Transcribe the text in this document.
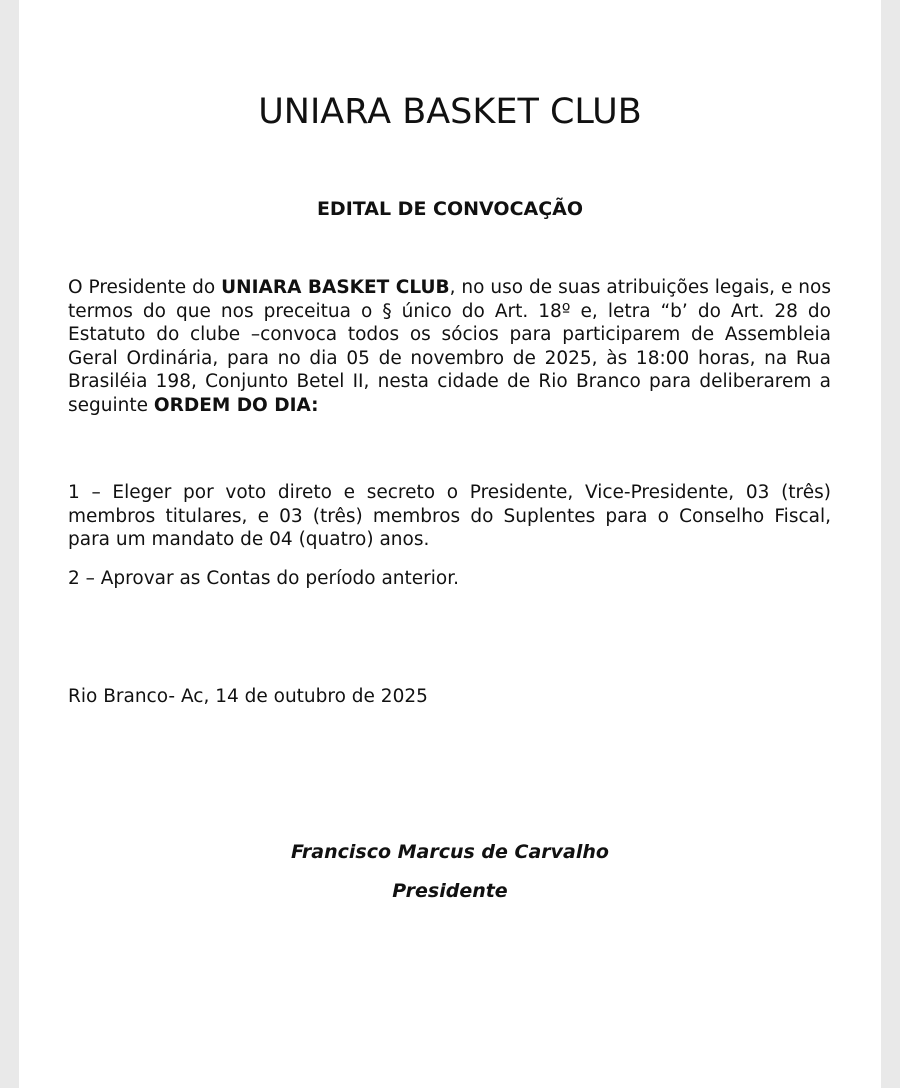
UNIARA BASKET CLUB
EDITAL DE CONVOCAÇÃO

O Presidente do UNIARA BASKET CLUB, no uso de suas atribuições legais, e nos termos do que nos preceitua o § único do Art. 18º e, letra “b’ do Art. 28 do Estatuto do clube –convoca todos os sócios para participarem de Assembleia Geral Ordinária, para no dia 05 de novembro de 2025, às 18:00 horas, na Rua Brasiléia 198, Conjunto Betel II, nesta cidade de Rio Branco para deliberarem a seguinte ORDEM DO DIA:

1 – Eleger por voto direto e secreto o Presidente, Vice-Presidente, 03 (três) membros titulares, e 03 (três) membros do Suplentes para o Conselho Fiscal, para um mandato de 04 (quatro) anos.

2 – Aprovar as Contas do período anterior.

Rio Branco- Ac, 14 de outubro de 2025

Francisco Marcus de Carvalho

Presidente
